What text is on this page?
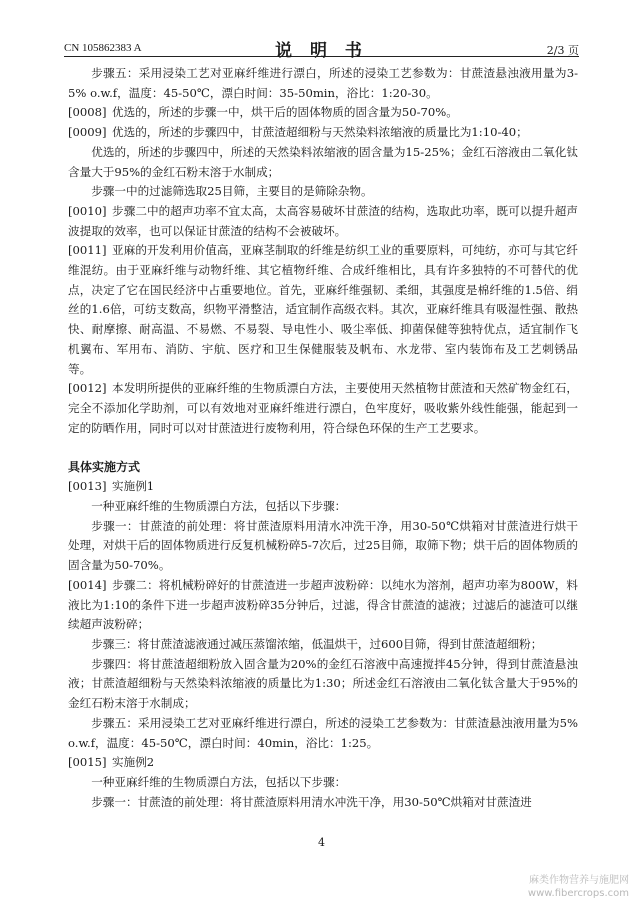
CN 105862383 A	说 明 书	2/3 页

步骤五：采用浸染工艺对亚麻纤维进行漂白，所述的浸染工艺参数为：甘蔗渣悬浊液用量为3-5% o.w.f，温度：45-50℃，漂白时间：35-50min，浴比：1:20-30。

[0008] 优选的，所述的步骤一中，烘干后的固体物质的固含量为50-70%。

[0009] 优选的，所述的步骤四中，甘蔗渣超细粉与天然染料浓缩液的质量比为1:10-40；

优选的，所述的步骤四中，所述的天然染料浓缩液的固含量为15-25%；金红石溶液由二氧化钛含量大于95%的金红石粉末溶于水制成；

步骤一中的过滤筛选取25目筛，主要目的是筛除杂物。

[0010] 步骤二中的超声功率不宜太高，太高容易破坏甘蔗渣的结构，选取此功率，既可以提升超声波提取的效率，也可以保证甘蔗渣的结构不会被破坏。

[0011] 亚麻的开发利用价值高，亚麻茎制取的纤维是纺织工业的重要原料，可纯纺，亦可与其它纤维混纺。由于亚麻纤维与动物纤维、其它植物纤维、合成纤维相比，具有许多独特的不可替代的优点，决定了它在国民经济中占重要地位。首先，亚麻纤维强韧、柔细，其强度是棉纤维的1.5倍、绢丝的1.6倍，可纺支数高，织物平滑整洁，适宜制作高级衣料。其次，亚麻纤维具有吸湿性强、散热快、耐摩擦、耐高温、不易燃、不易裂、导电性小、吸尘率低、抑菌保健等独特优点，适宜制作飞机翼布、军用布、消防、宇航、医疗和卫生保健服装及帆布、水龙带、室内装饰布及工艺刺锈品等。

[0012] 本发明所提供的亚麻纤维的生物质漂白方法，主要使用天然植物甘蔗渣和天然矿物金红石，完全不添加化学助剂，可以有效地对亚麻纤维进行漂白，色牢度好，吸收紫外线性能强，能起到一定的防晒作用，同时可以对甘蔗渣进行废物利用，符合绿色环保的生产工艺要求。

具体实施方式

[0013] 实施例1

一种亚麻纤维的生物质漂白方法，包括以下步骤：

步骤一：甘蔗渣的前处理：将甘蔗渣原料用清水冲洗干净，用30-50℃烘箱对甘蔗渣进行烘干处理，对烘干后的固体物质进行反复机械粉碎5-7次后，过25目筛，取筛下物；烘干后的固体物质的固含量为50-70%。

[0014] 步骤二：将机械粉碎好的甘蔗渣进一步超声波粉碎：以纯水为溶剂，超声功率为800W，料液比为1:10的条件下进一步超声波粉碎35分钟后，过滤，得含甘蔗渣的滤液；过滤后的滤渣可以继续超声波粉碎；

步骤三：将甘蔗渣滤液通过减压蒸馏浓缩，低温烘干，过600目筛，得到甘蔗渣超细粉；

步骤四：将甘蔗渣超细粉放入固含量为20%的金红石溶液中高速搅拌45分钟，得到甘蔗渣悬浊液；甘蔗渣超细粉与天然染料浓缩液的质量比为1:30；所述金红石溶液由二氧化钛含量大于95%的金红石粉末溶于水制成；

步骤五：采用浸染工艺对亚麻纤维进行漂白，所述的浸染工艺参数为：甘蔗渣悬浊液用量为5% o.w.f，温度：45-50℃，漂白时间：40min，浴比：1:25。

[0015] 实施例2

一种亚麻纤维的生物质漂白方法，包括以下步骤：

步骤一：甘蔗渣的前处理：将甘蔗渣原料用清水冲洗干净，用30-50℃烘箱对甘蔗渣进

4
麻类作物营养与施肥网
www.fibercrops.com
